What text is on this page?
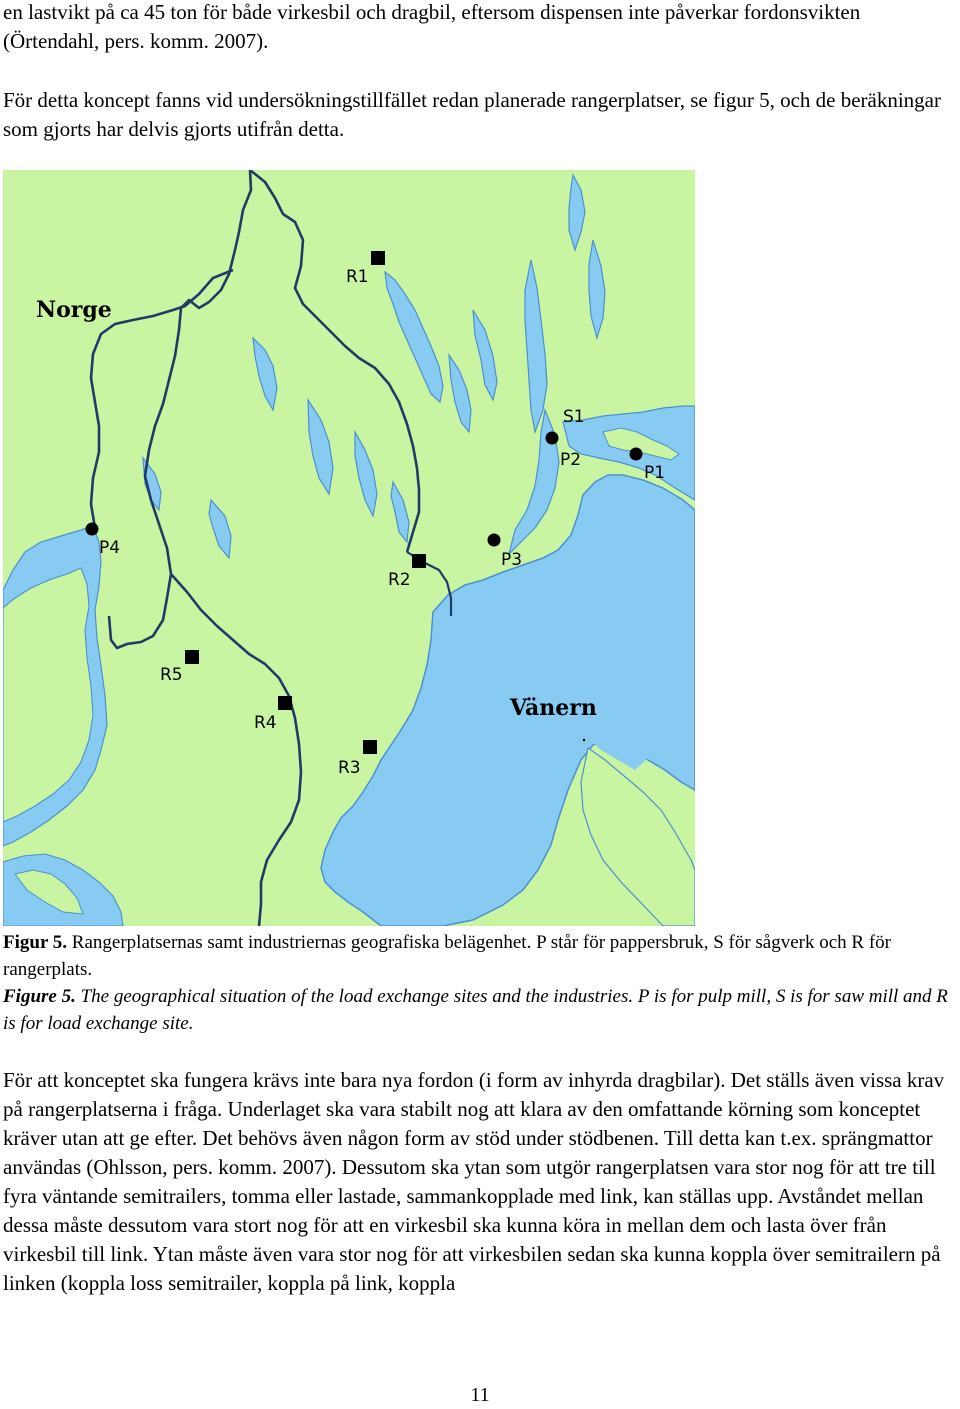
en lastvikt på ca 45 ton för både virkesbil och dragbil, eftersom dispensen inte påverkar fordonsvikten (Örtendahl, pers. komm. 2007).

För detta koncept fanns vid undersökningstillfället redan planerade rangerplatser, se figur 5, och de beräkningar som gjorts har delvis gjorts utifrån detta.

Norge
Vänern
R1
R2
R3
R4
R5
S1
P2
P1
P3
P4

Figur 5. Rangerplatsernas samt industriernas geografiska belägenhet. P står för pappersbruk, S för sågverk och R för rangerplats.

Figure 5. The geographical situation of the load exchange sites and the industries. P is for pulp mill, S is for saw mill and R is for load exchange site.

För att konceptet ska fungera krävs inte bara nya fordon (i form av inhyrda dragbilar). Det ställs även vissa krav på rangerplatserna i fråga. Underlaget ska vara stabilt nog att klara av den omfattande körning som konceptet kräver utan att ge efter. Det behövs även någon form av stöd under stödbenen. Till detta kan t.ex. sprängmattor användas (Ohlsson, pers. komm. 2007). Dessutom ska ytan som utgör rangerplatsen vara stor nog för att tre till fyra väntande semitrailers, tomma eller lastade, sammankopplade med link, kan ställas upp. Avståndet mellan dessa måste dessutom vara stort nog för att en virkesbil ska kunna köra in mellan dem och lasta över från virkesbil till link. Ytan måste även vara stor nog för att virkesbilen sedan ska kunna koppla över semitrailern på linken (koppla loss semitrailer, koppla på link, koppla

11
